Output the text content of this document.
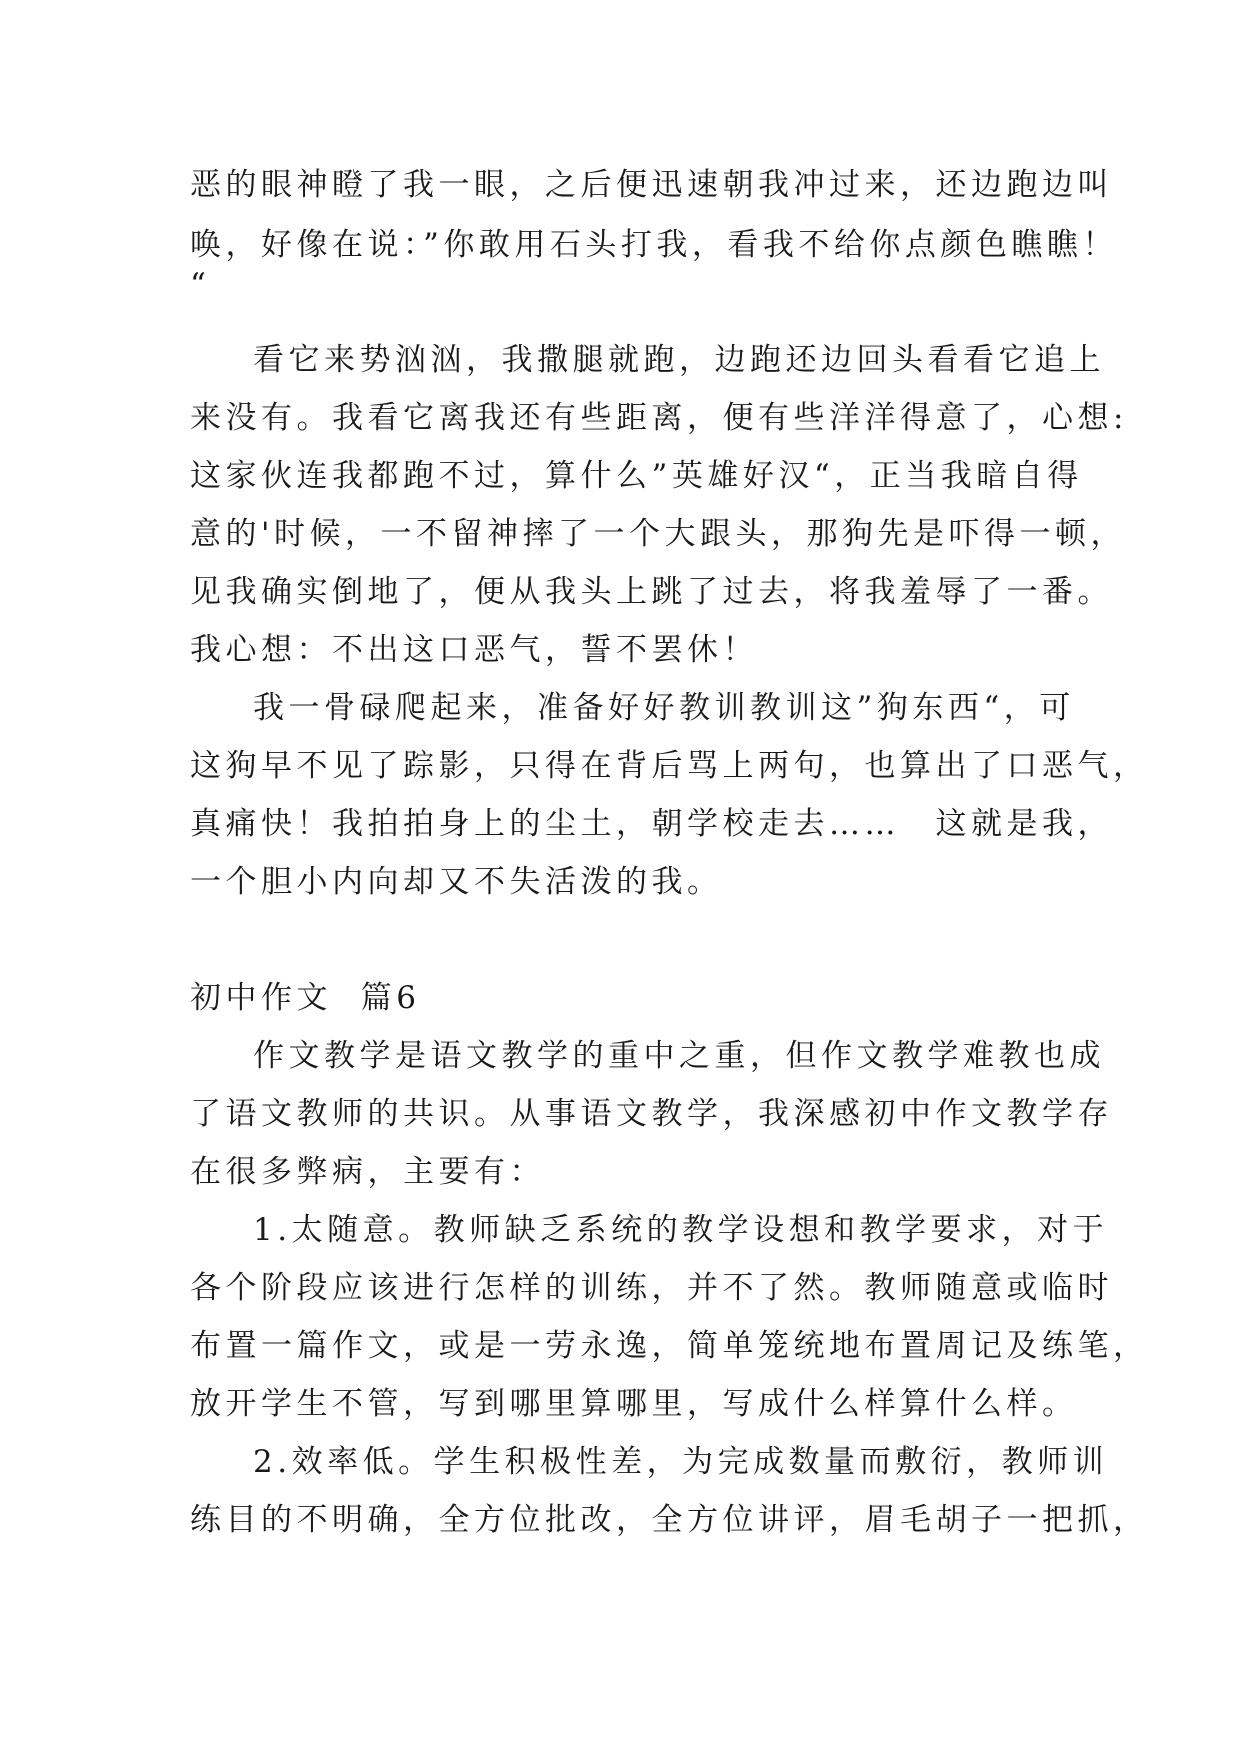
恶的眼神瞪了我一眼，之后便迅速朝我冲过来，还边跑边叫
唤，好像在说：”你敢用石头打我，看我不给你点颜色瞧瞧！
“
看它来势汹汹，我撒腿就跑，边跑还边回头看看它追上
来没有。我看它离我还有些距离，便有些洋洋得意了，心想:
这家伙连我都跑不过，算什么”英雄好汉“，正当我暗自得
意的'时候，一不留神摔了一个大跟头，那狗先是吓得一顿，
见我确实倒地了，便从我头上跳了过去，将我羞辱了一番。
我心想：不出这口恶气，誓不罢休！
我一骨碌爬起来，准备好好教训教训这”狗东西“，可
这狗早不见了踪影，只得在背后骂上两句，也算出了口恶气，
真痛快！我拍拍身上的尘土，朝学校走去……　这就是我，
一个胆小内向却又不失活泼的我。
初中作文  篇6
作文教学是语文教学的重中之重，但作文教学难教也成
了语文教师的共识。从事语文教学，我深感初中作文教学存
在很多弊病，主要有：
1.太随意。教师缺乏系统的教学设想和教学要求，对于
各个阶段应该进行怎样的训练，并不了然。教师随意或临时
布置一篇作文，或是一劳永逸，简单笼统地布置周记及练笔，
放开学生不管，写到哪里算哪里，写成什么样算什么样。
2.效率低。学生积极性差，为完成数量而敷衍，教师训
练目的不明确，全方位批改，全方位讲评，眉毛胡子一把抓，
